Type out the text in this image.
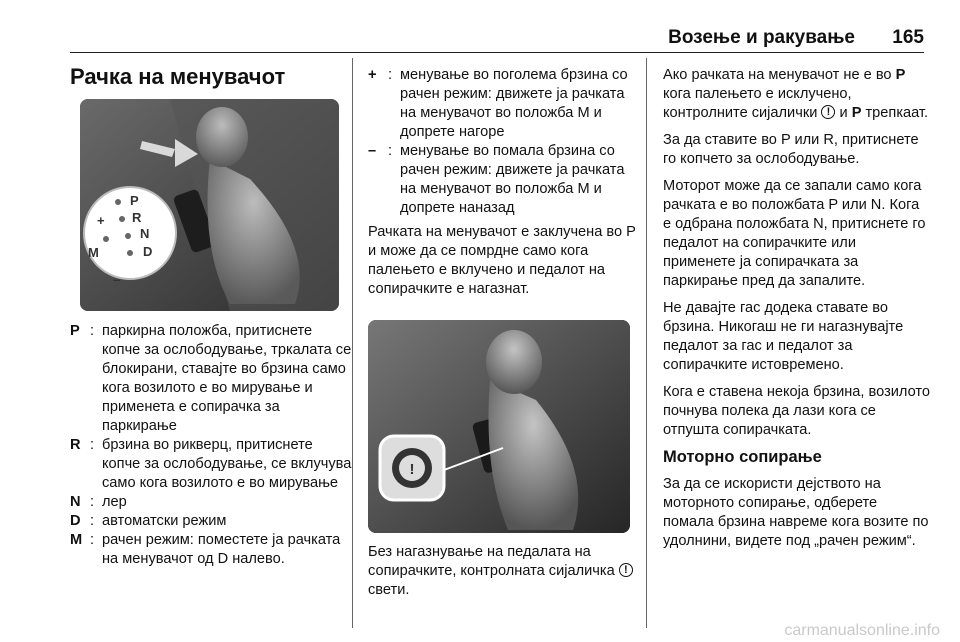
Возење и ракување 165
Рачка на менувачот
P
R
N
D
M
+
–
P : паркирна положба, притиснете копче за ослободување, тркалата се блокирани, ставајте во брзина само кога возилото е во мирување и применета е сопирачка за паркирање
R : брзина во рикверц, притиснете копче за ослободување, се вклучува само кога возилото е во мирување
N : лер
D : автоматски режим
M : рачен режим: поместете ја рачката на менувачот од D налево.
+ : менување во поголема брзина со рачен режим: движете ја рачката на менувачот во положба M и допрете нагоре
– : менување во помала брзина со рачен режим: движете ја рачката на менувачот во положба M и допрете наназад

Рачката на менувачот е заклучена во P и може да се помрдне само кога палењето е вклучено и педалот на сопирачките е нагазнат.

!

Без нагазнување на педалата на сопирачките, контролната сијаличка ! свети.

Ако рачката на менувачот не е во P кога палењето е исклучено, контролните сијалички ! и P трепкаат.

За да ставите во P или R, притиснете го копчето за ослободување.

Моторот може да се запали само кога рачката е во положбата P или N. Кога е одбрана положбата N, притиснете го педалот на сопирачките или применете ја сопирачката за паркирање пред да запалите.

Не давајте гас додека ставате во брзина. Никогаш не ги нагазнувајте педалот за гас и педалот за сопирачките истовремено.

Кога е ставена некоја брзина, возилото почнува полека да лази кога се отпушта сопирачката.

Моторно сопирање

За да се искористи дејството на моторното сопирање, одберете помала брзина навреме кога возите по удолнини, видете под „рачен режим“.

carmanualsonline.info
